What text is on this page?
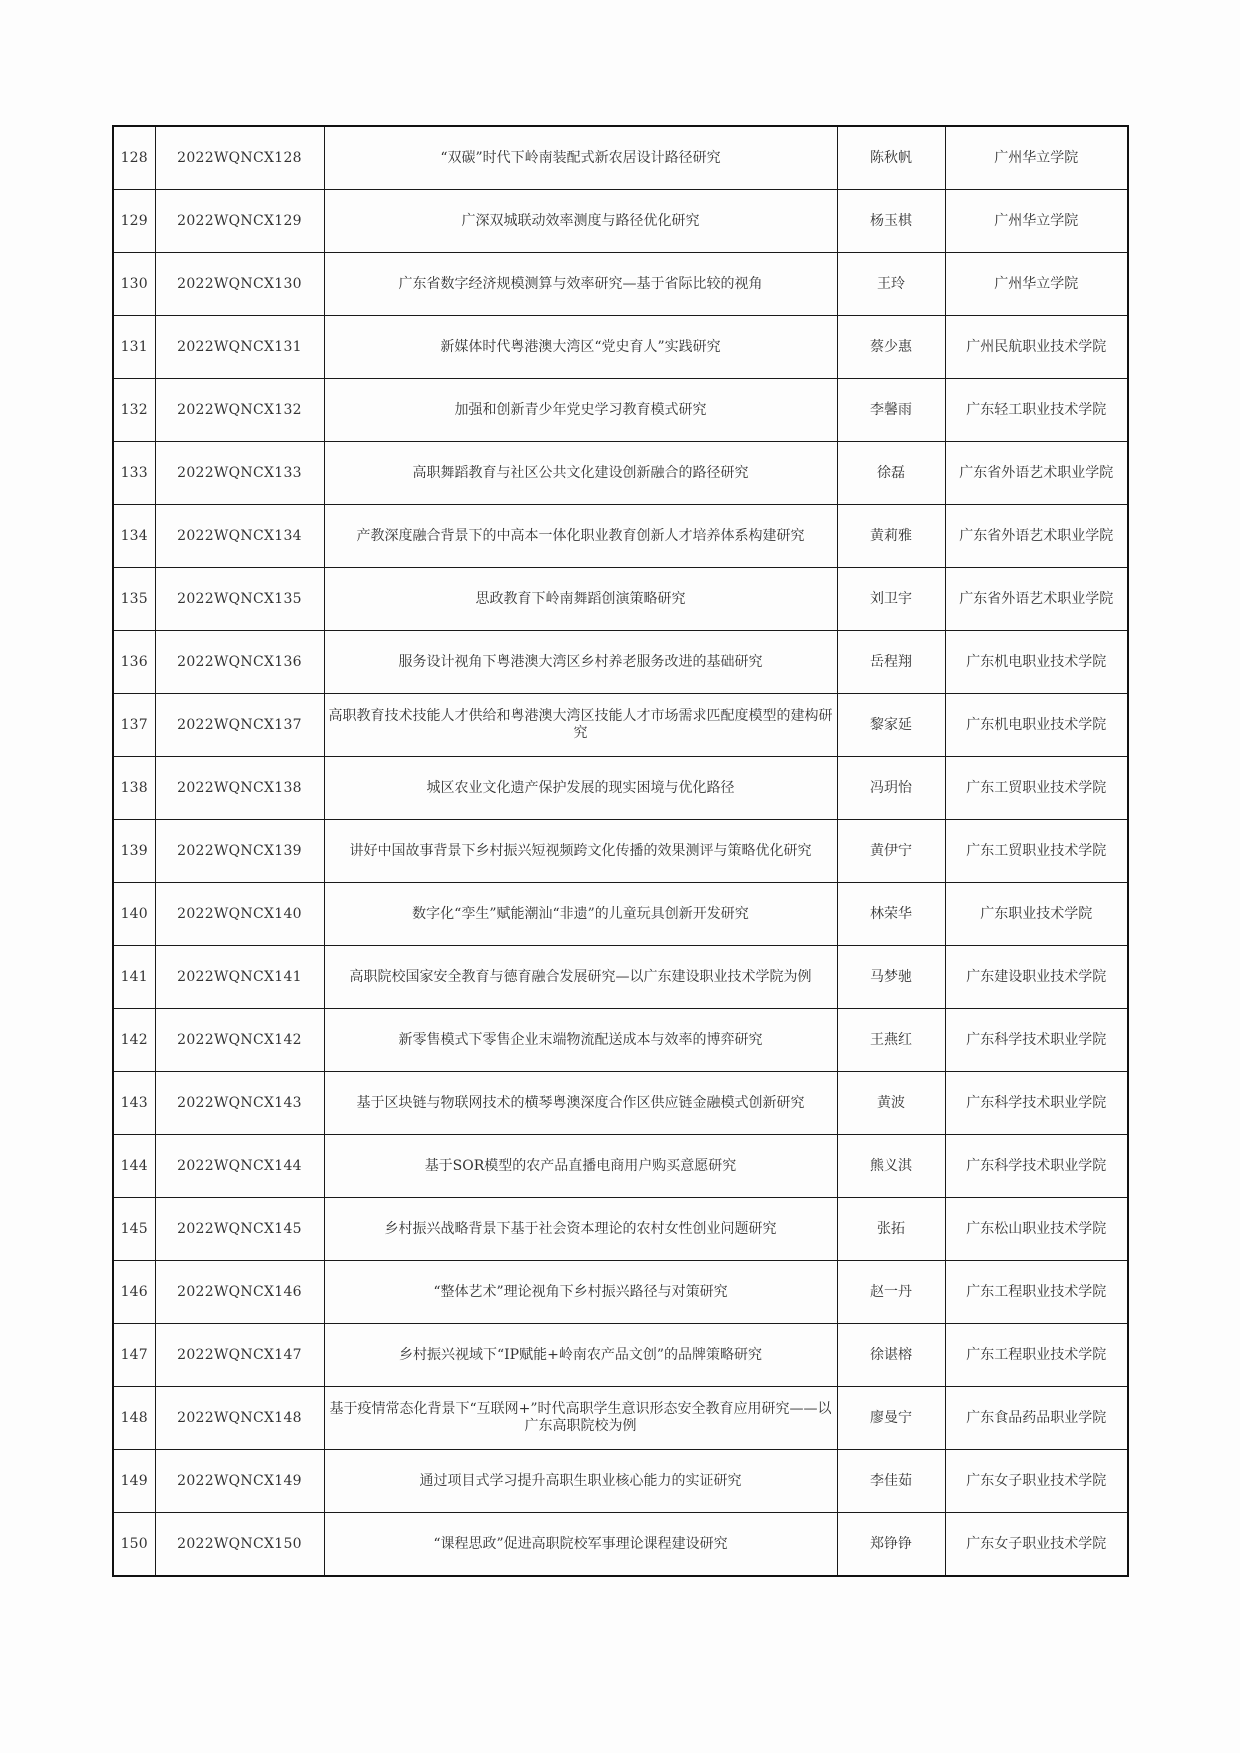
128	2022WQNCX128	“双碳”时代下岭南装配式新农居设计路径研究	陈秋帆	广州华立学院
129	2022WQNCX129	广深双城联动效率测度与路径优化研究	杨玉棋	广州华立学院
130	2022WQNCX130	广东省数字经济规模测算与效率研究—基于省际比较的视角	王玲	广州华立学院
131	2022WQNCX131	新媒体时代粤港澳大湾区“党史育人”实践研究	蔡少惠	广州民航职业技术学院
132	2022WQNCX132	加强和创新青少年党史学习教育模式研究	李馨雨	广东轻工职业技术学院
133	2022WQNCX133	高职舞蹈教育与社区公共文化建设创新融合的路径研究	徐磊	广东省外语艺术职业学院
134	2022WQNCX134	产教深度融合背景下的中高本一体化职业教育创新人才培养体系构建研究	黄莉雅	广东省外语艺术职业学院
135	2022WQNCX135	思政教育下岭南舞蹈创演策略研究	刘卫宇	广东省外语艺术职业学院
136	2022WQNCX136	服务设计视角下粤港澳大湾区乡村养老服务改进的基础研究	岳程翔	广东机电职业技术学院
137	2022WQNCX137	高职教育技术技能人才供给和粤港澳大湾区技能人才市场需求匹配度模型的建构研究	黎家延	广东机电职业技术学院
138	2022WQNCX138	城区农业文化遗产保护发展的现实困境与优化路径	冯玥怡	广东工贸职业技术学院
139	2022WQNCX139	讲好中国故事背景下乡村振兴短视频跨文化传播的效果测评与策略优化研究	黄伊宁	广东工贸职业技术学院
140	2022WQNCX140	数字化“孪生”赋能潮汕“非遗”的儿童玩具创新开发研究	林荣华	广东职业技术学院
141	2022WQNCX141	高职院校国家安全教育与德育融合发展研究—以广东建设职业技术学院为例	马梦驰	广东建设职业技术学院
142	2022WQNCX142	新零售模式下零售企业末端物流配送成本与效率的博弈研究	王燕红	广东科学技术职业学院
143	2022WQNCX143	基于区块链与物联网技术的横琴粤澳深度合作区供应链金融模式创新研究	黄波	广东科学技术职业学院
144	2022WQNCX144	基于SOR模型的农产品直播电商用户购买意愿研究	熊义淇	广东科学技术职业学院
145	2022WQNCX145	乡村振兴战略背景下基于社会资本理论的农村女性创业问题研究	张拓	广东松山职业技术学院
146	2022WQNCX146	“整体艺术”理论视角下乡村振兴路径与对策研究	赵一丹	广东工程职业技术学院
147	2022WQNCX147	乡村振兴视域下“IP赋能+岭南农产品文创”的品牌策略研究	徐谌榕	广东工程职业技术学院
148	2022WQNCX148	基于疫情常态化背景下“互联网+”时代高职学生意识形态安全教育应用研究——以广东高职院校为例	廖曼宁	广东食品药品职业学院
149	2022WQNCX149	通过项目式学习提升高职生职业核心能力的实证研究	李佳茹	广东女子职业技术学院
150	2022WQNCX150	“课程思政”促进高职院校军事理论课程建设研究	郑铮铮	广东女子职业技术学院
